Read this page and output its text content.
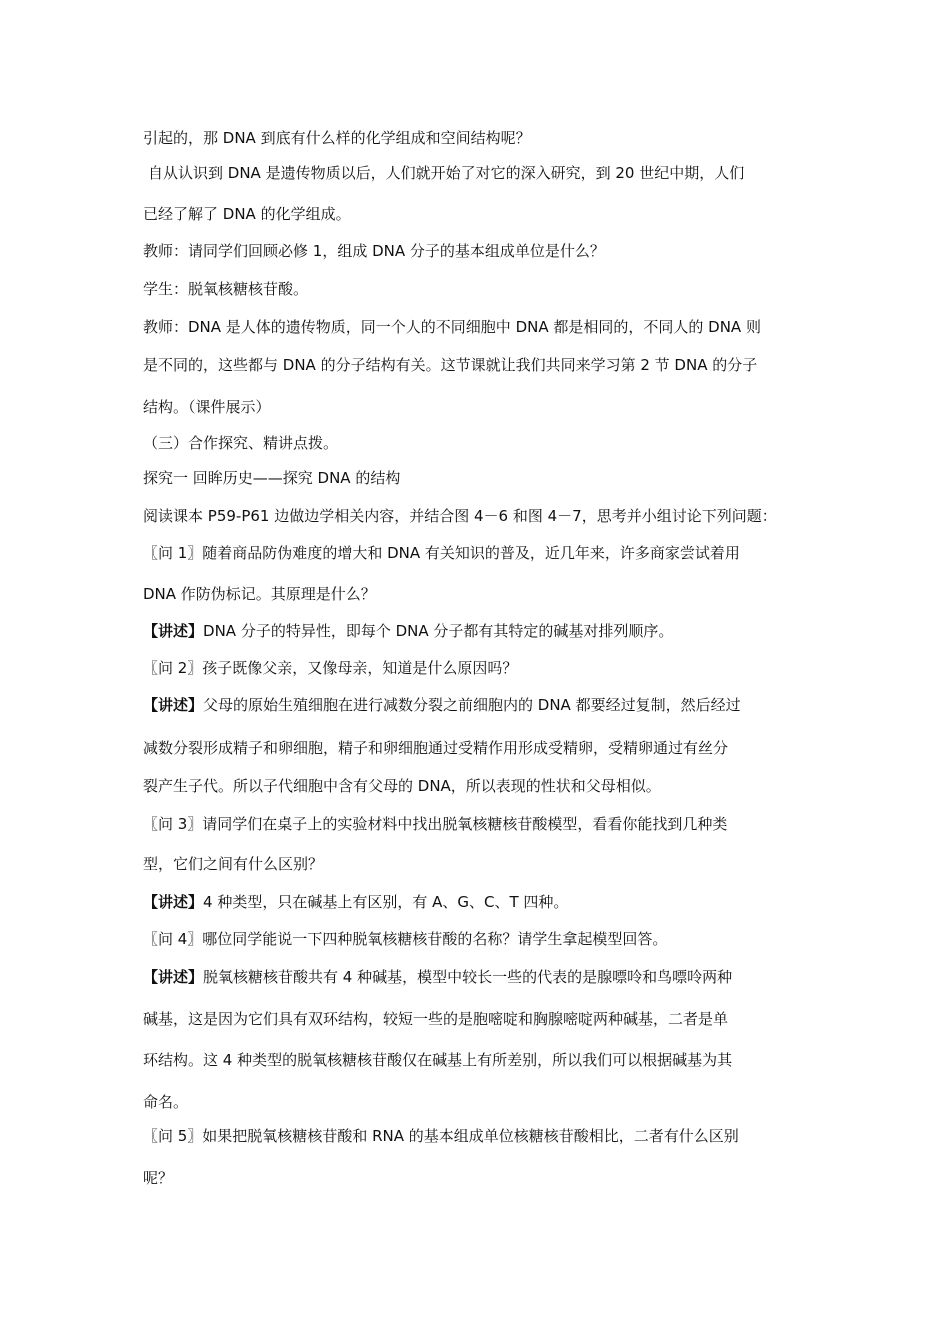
引起的，那 DNA 到底有什么样的化学组成和空间结构呢？
自从认识到 DNA 是遗传物质以后，人们就开始了对它的深入研究，到 20 世纪中期，人们
已经了解了 DNA 的化学组成。
教师：请同学们回顾必修 1，组成 DNA 分子的基本组成单位是什么？
学生：脱氧核糖核苷酸。
教师：DNA 是人体的遗传物质，同一个人的不同细胞中 DNA 都是相同的，不同人的 DNA 则
是不同的，这些都与 DNA 的分子结构有关。这节课就让我们共同来学习第 2 节 DNA 的分子
结构。（课件展示）
（三）合作探究、精讲点拨。
探究一 回眸历史——探究 DNA 的结构
阅读课本 P59-P61 边做边学相关内容，并结合图 4－6 和图 4－7，思考并小组讨论下列问题：
〖问 1〗随着商品防伪难度的增大和 DNA 有关知识的普及，近几年来，许多商家尝试着用
DNA 作防伪标记。其原理是什么？
【讲述】DNA 分子的特异性，即每个 DNA 分子都有其特定的碱基对排列顺序。
〖问 2〗孩子既像父亲，又像母亲，知道是什么原因吗？
【讲述】父母的原始生殖细胞在进行减数分裂之前细胞内的 DNA 都要经过复制，然后经过
减数分裂形成精子和卵细胞，精子和卵细胞通过受精作用形成受精卵，受精卵通过有丝分
裂产生子代。所以子代细胞中含有父母的 DNA，所以表现的性状和父母相似。
〖问 3〗请同学们在桌子上的实验材料中找出脱氧核糖核苷酸模型，看看你能找到几种类
型，它们之间有什么区别？
【讲述】4 种类型，只在碱基上有区别，有 A、G、C、T 四种。
〖问 4〗哪位同学能说一下四种脱氧核糖核苷酸的名称？请学生拿起模型回答。
【讲述】脱氧核糖核苷酸共有 4 种碱基，模型中较长一些的代表的是腺嘌呤和鸟嘌呤两种
碱基，这是因为它们具有双环结构，较短一些的是胞嘧啶和胸腺嘧啶两种碱基，二者是单
环结构。这 4 种类型的脱氧核糖核苷酸仅在碱基上有所差别，所以我们可以根据碱基为其
命名。
〖问 5〗如果把脱氧核糖核苷酸和 RNA 的基本组成单位核糖核苷酸相比，二者有什么区别
呢？
